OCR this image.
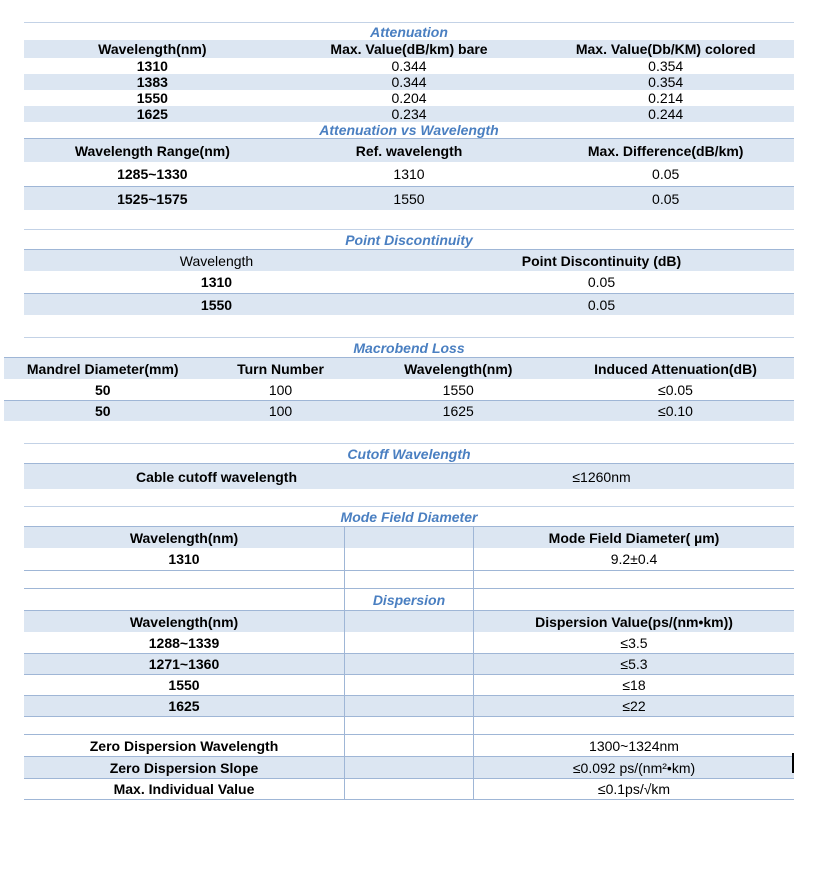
Attenuation
Wavelength(nm)	Max. Value(dB/km) bare	Max. Value(Db/KM) colored
1310	0.344	0.354
1383	0.344	0.354
1550	0.204	0.214
1625	0.234	0.244
Attenuation vs Wavelength
Wavelength Range(nm)	Ref. wavelength	Max. Difference(dB/km)
1285~1330	1310	0.05
1525~1575	1550	0.05
Point Discontinuity
Wavelength	Point Discontinuity (dB)
1310	0.05
1550	0.05
Macrobend Loss
Mandrel Diameter(mm)	Turn Number	Wavelength(nm)	Induced Attenuation(dB)
50	100	1550	≤0.05
50	100	1625	≤0.10
Cutoff Wavelength
Cable cutoff wavelength	≤1260nm
Mode Field Diameter
Wavelength(nm)	Mode Field Diameter( µm)
1310	9.2±0.4
Dispersion
Wavelength(nm)	Dispersion Value(ps/(nm•km))
1288~1339	≤3.5
1271~1360	≤5.3
1550	≤18
1625	≤22
Zero Dispersion Wavelength	1300~1324nm
Zero Dispersion Slope	≤0.092 ps/(nm²•km)
Max. Individual Value	≤0.1ps/√km
